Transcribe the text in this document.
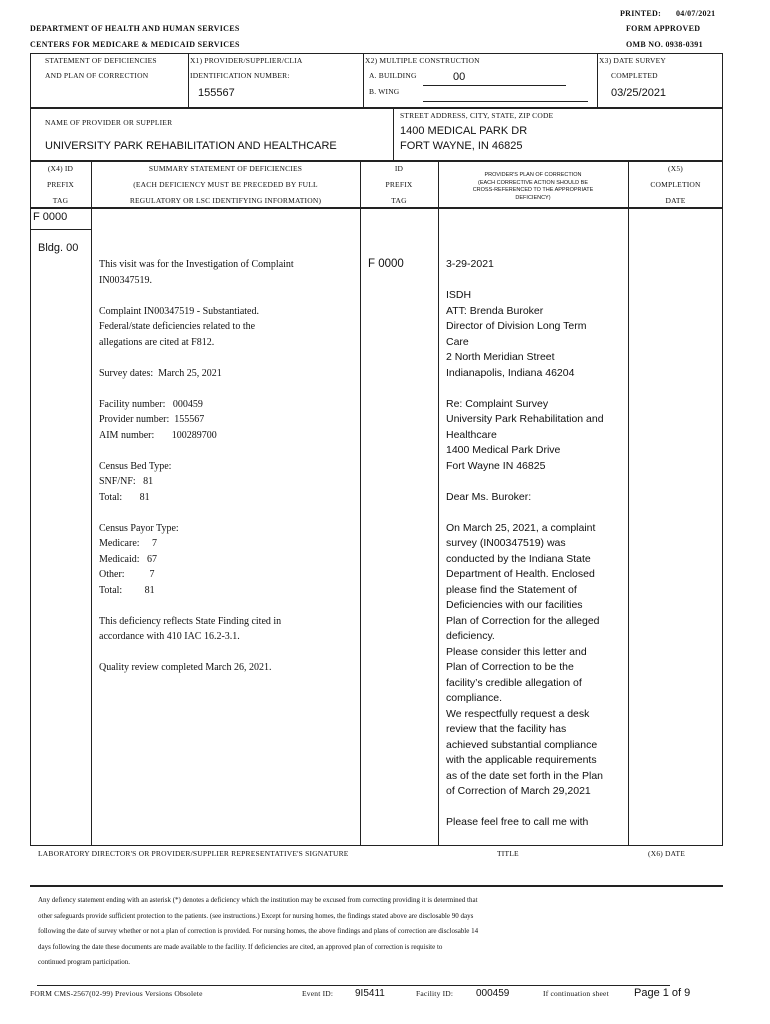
PRINTED: 04/07/2021
FORM APPROVED
OMB NO. 0938-0391
DEPARTMENT OF HEALTH AND HUMAN SERVICES
CENTERS FOR MEDICARE & MEDICAID SERVICES
STATEMENT OF DEFICIENCIES
AND PLAN OF CORRECTION
X1) PROVIDER/SUPPLIER/CLIA
IDENTIFICATION NUMBER:
155567
X2) MULTIPLE CONSTRUCTION
A. BUILDING	00
B. WING
X3) DATE SURVEY
COMPLETED
03/25/2021
NAME OF PROVIDER OR SUPPLIER
UNIVERSITY PARK REHABILITATION AND HEALTHCARE
STREET ADDRESS, CITY, STATE, ZIP CODE
1400 MEDICAL PARK DR
FORT WAYNE, IN 46825
(X4) ID
PREFIX
TAG
SUMMARY STATEMENT OF DEFICIENCIES
(EACH DEFICIENCY MUST BE PRECEDED BY FULL
REGULATORY OR LSC IDENTIFYING INFORMATION)
ID
PREFIX
TAG
PROVIDER'S PLAN OF CORRECTION
(EACH CORRECTIVE ACTION SHOULD BE
CROSS-REFERENCED TO THE APPROPRIATE
DEFICIENCY)
(X5)
COMPLETION
DATE
F 0000
Bldg. 00
This visit was for the Investigation of Complaint
IN00347519.

Complaint IN00347519 - Substantiated.
Federal/state deficiencies related to the
allegations are cited at F812.

Survey dates:  March 25, 2021

Facility number:   000459
Provider number:  155567
AIM number:       100289700

Census Bed Type:
SNF/NF:   81
Total:       81

Census Payor Type:
Medicare:     7
Medicaid:   67
Other:          7
Total:         81

This deficiency reflects State Finding cited in
accordance with 410 IAC 16.2-3.1.

Quality review completed March 26, 2021.
F 0000	3-29-2021
ISDH
ATT: Brenda Buroker
Director of Division Long Term
Care
2 North Meridian Street
Indianapolis, Indiana 46204
Re: Complaint Survey
University Park Rehabilitation and
Healthcare
1400 Medical Park Drive
Fort Wayne IN 46825
Dear Ms. Buroker:
On March 25, 2021, a complaint
survey (IN00347519) was
conducted by the Indiana State
Department of Health. Enclosed
please find the Statement of
Deficiencies with our facilities
Plan of Correction for the alleged
deficiency.
Please consider this letter and
Plan of Correction to be the
facility’s credible allegation of
compliance.
We respectfully request a desk
review that the facility has
achieved substantial compliance
with the applicable requirements
as of the date set forth in the Plan
of Correction of March 29,2021
Please feel free to call me with
LABORATORY DIRECTOR'S OR PROVIDER/SUPPLIER REPRESENTATIVE'S SIGNATURE	TITLE	(X6) DATE
Any defiency statement ending with an asterisk (*) denotes a deficiency which the institution may be excused from correcting providing it is determined that
other safeguards provide sufficient protection to the patients. (see instructions.) Except for nursing homes, the findings stated above are disclosable 90 days
following the date of survey whether or not a plan of correction is provided. For nursing homes, the above findings and plans of correction are disclosable 14
days following the date these documents are made available to the facility. If deficiencies are cited, an approved plan of correction is requisite to
continued program participation.
FORM CMS-2567(02-99) Previous Versions Obsolete	Event ID: 9I5411	Facility ID: 000459	If continuation sheet Page 1 of 9
